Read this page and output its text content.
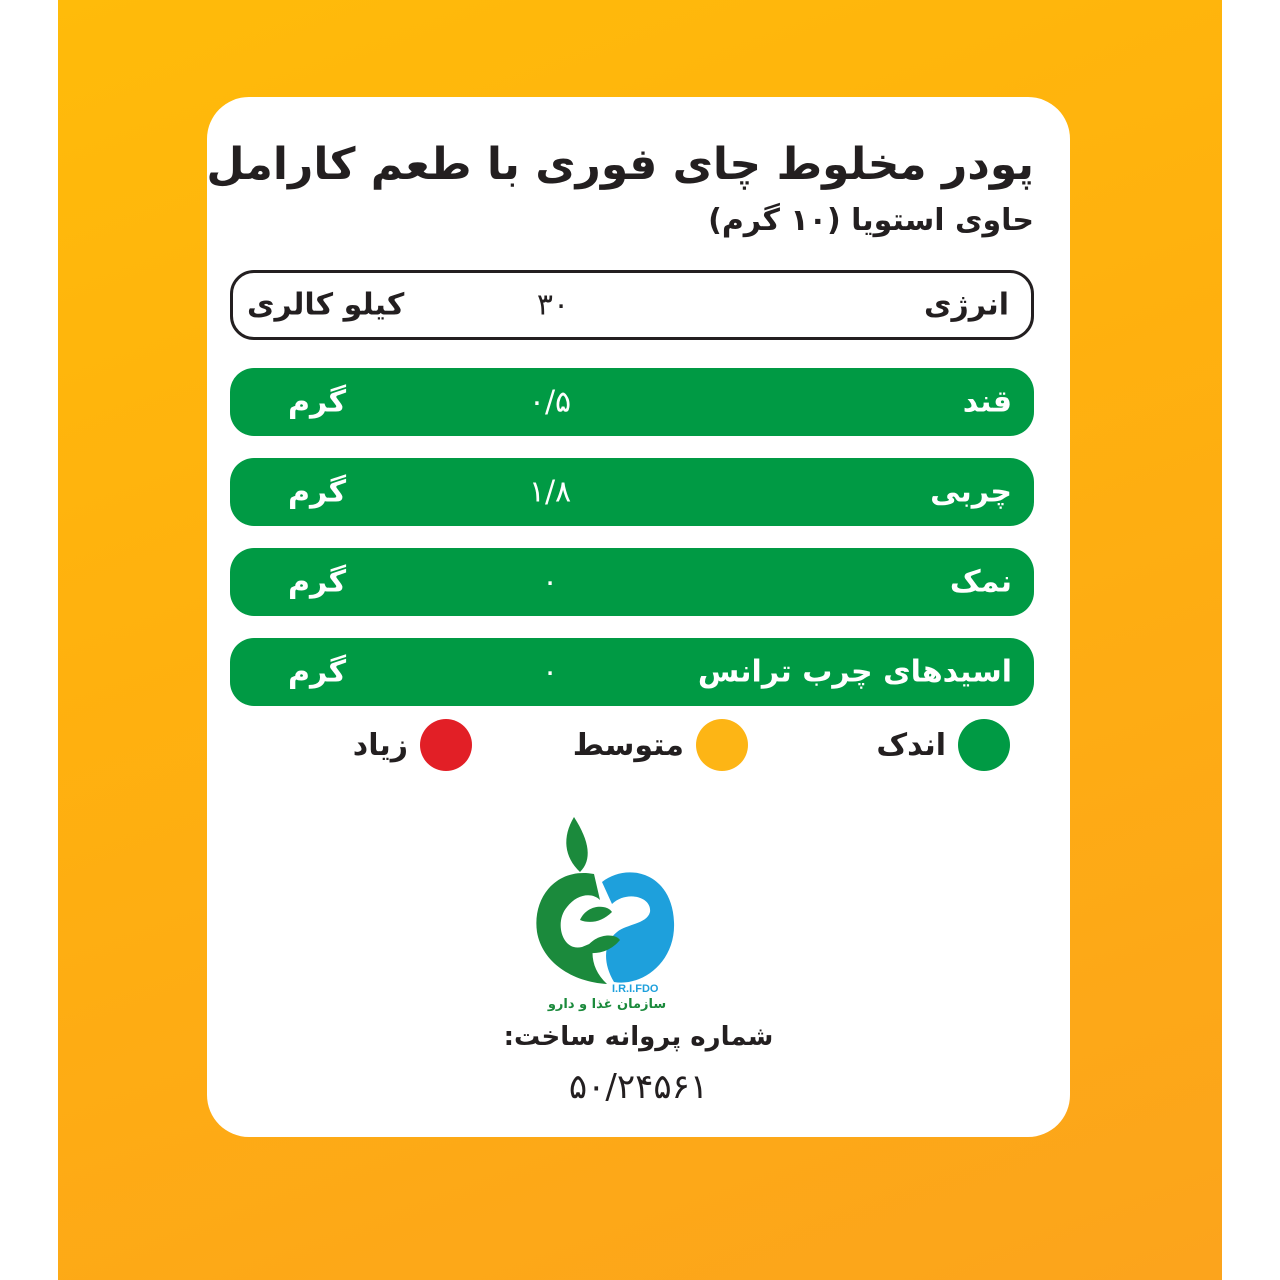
پودر مخلوط چای فوری با طعم کارامل
حاوی استویا (۱۰ گرم)
انرژی
۳۰
کیلو کالری
قند
۰/۵
گرم
چربی
۱/۸
گرم
نمک
۰
گرم
اسیدهای چرب ترانس
۰
گرم
اندک
متوسط
زیاد
I.R.I.FDO
سازمان غذا و دارو
شماره پروانه ساخت:
۵۰/۲۴۵۶۱
